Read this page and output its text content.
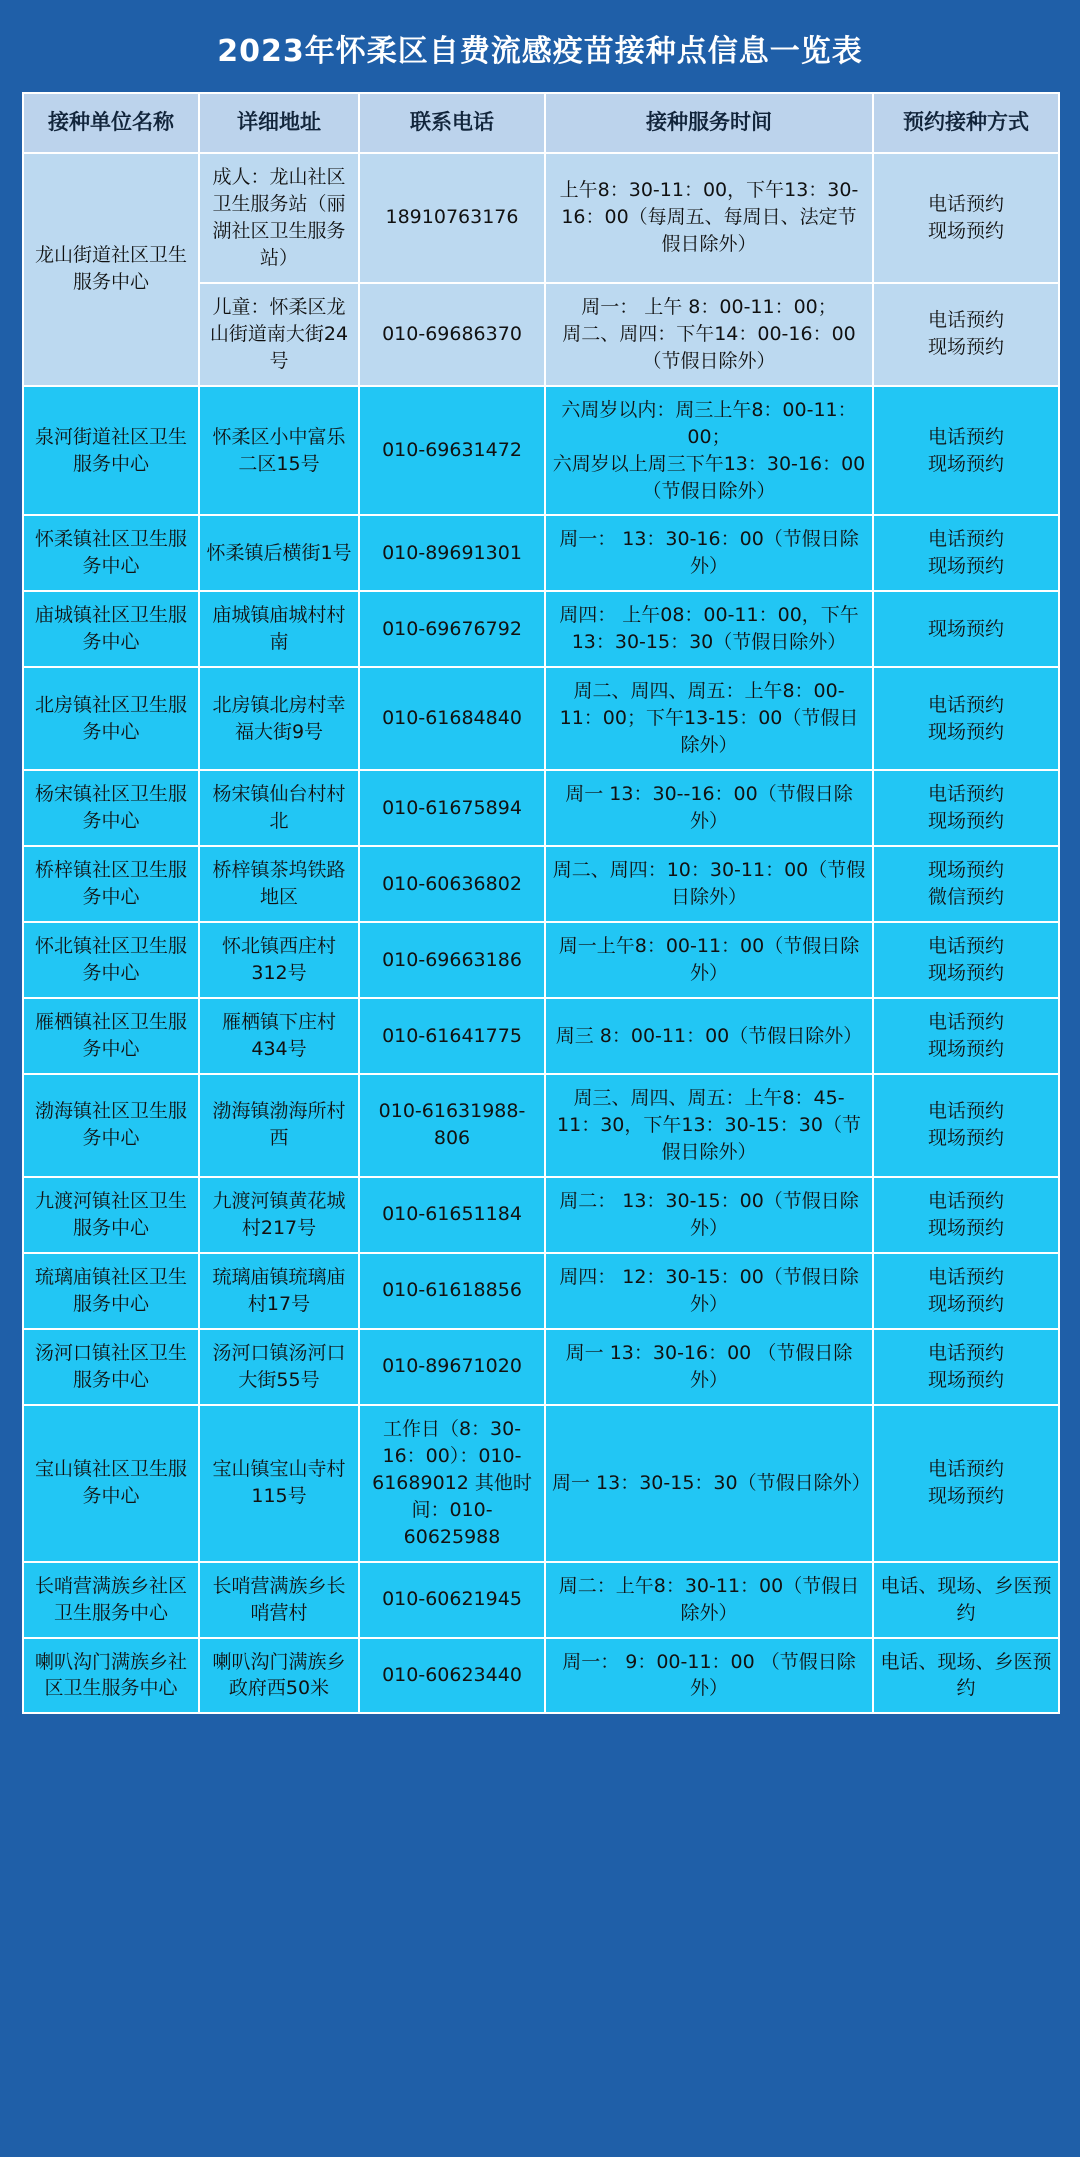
2023年怀柔区自费流感疫苗接种点信息一览表
接种单位名称	详细地址	联系电话	接种服务时间	预约接种方式
龙山街道社区卫生服务中心	成人：龙山社区卫生服务站（丽湖社区卫生服务站）	18910763176	上午8：30-11：00，下午13：30-16：00（每周五、每周日、法定节假日除外）	电话预约
现场预约
	儿童：怀柔区龙山街道南大街24号	010-69686370	周一： 上午 8：00-11：00；
周二、周四：下午14：00-16：00（节假日除外）	电话预约
现场预约
泉河街道社区卫生服务中心	怀柔区小中富乐二区15号	010-69631472	六周岁以内：周三上午8：00-11：00；
六周岁以上周三下午13：30-16：00 （节假日除外）	电话预约
现场预约
怀柔镇社区卫生服务中心	怀柔镇后横街1号	010-89691301	周一： 13：30-16：00（节假日除外）	电话预约
现场预约
庙城镇社区卫生服务中心	庙城镇庙城村村南	010-69676792	周四： 上午08：00-11：00，下午13：30-15：30（节假日除外）	现场预约
北房镇社区卫生服务中心	北房镇北房村幸福大街9号	010-61684840	周二、周四、周五：上午8：00-11：00；下午13-15：00（节假日除外）	电话预约
现场预约
杨宋镇社区卫生服务中心	杨宋镇仙台村村北	010-61675894	周一 13：30--16：00（节假日除外）	电话预约
现场预约
桥梓镇社区卫生服务中心	桥梓镇茶坞铁路地区	010-60636802	周二、周四：10：30-11：00（节假日除外）	现场预约
微信预约
怀北镇社区卫生服务中心	怀北镇西庄村312号	010-69663186	周一上午8：00-11：00（节假日除外）	电话预约
现场预约
雁栖镇社区卫生服务中心	雁栖镇下庄村434号	010-61641775	周三 8：00-11：00（节假日除外）	电话预约
现场预约
渤海镇社区卫生服务中心	渤海镇渤海所村西	010-61631988-806	周三、周四、周五：上午8：45-11：30，下午13：30-15：30（节假日除外）	电话预约
现场预约
九渡河镇社区卫生服务中心	九渡河镇黄花城村217号	010-61651184	周二： 13：30-15：00（节假日除外）	电话预约
现场预约
琉璃庙镇社区卫生服务中心	琉璃庙镇琉璃庙村17号	010-61618856	周四： 12：30-15：00（节假日除外）	电话预约
现场预约
汤河口镇社区卫生服务中心	汤河口镇汤河口大街55号	010-89671020	周一 13：30-16：00 （节假日除外）	电话预约
现场预约
宝山镇社区卫生服务中心	宝山镇宝山寺村115号	工作日（8：30-16：00）：010-61689012 其他时间：010-60625988	周一 13：30-15：30（节假日除外）	电话预约
现场预约
长哨营满族乡社区卫生服务中心	长哨营满族乡长哨营村	010-60621945	周二：上午8：30-11：00（节假日除外）	电话、现场、乡医预约
喇叭沟门满族乡社区卫生服务中心	喇叭沟门满族乡政府西50米	010-60623440	周一： 9：00-11：00 （节假日除外）	电话、现场、乡医预约
